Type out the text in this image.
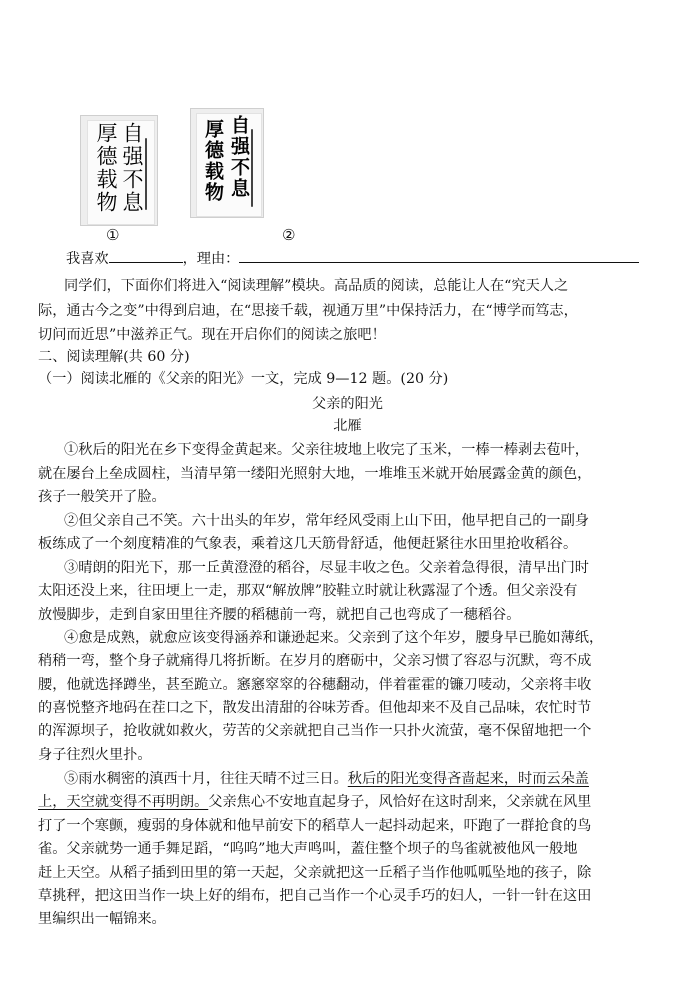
自强不息
厚德载物
①
自强不息
厚德载物
②
我喜欢	，理由：
同学们，下面你们将进入“阅读理解”模块。高品质的阅读，总能让人在“究天人之
际，通古今之变”中得到启迪，在“思接千载，视通万里”中保持活力，在“博学而笃志，
切问而近思”中滋养正气。现在开启你们的阅读之旅吧！
二、阅读理解(共 60 分)
（一）阅读北雁的《父亲的阳光》一文，完成 9—12 题。(20 分)
父亲的阳光
北雁
①秋后的阳光在乡下变得金黄起来。父亲往坡地上收完了玉米，一棒一棒剥去苞叶，
就在屡台上垒成圆柱，当清早第一缕阳光照射大地，一堆堆玉米就开始展露金黄的颜色，
孩子一般笑开了脸。
②但父亲自己不笑。六十出头的年岁，常年经风受雨上山下田，他早把自己的一副身
板练成了一个刻度精准的气象表，乘着这几天筋骨舒适，他便赶紧往水田里抢收稻谷。
③晴朗的阳光下，那一丘黄澄澄的稻谷，尽显丰收之色。父亲着急得很，清早出门时
太阳还没上来，往田埂上一走，那双“解放牌”胶鞋立时就让秋露湿了个透。但父亲没有
放慢脚步，走到自家田里往齐腰的稻穗前一弯，就把自己也弯成了一穗稻谷。
④愈是成熟，就愈应该变得涵养和谦逊起来。父亲到了这个年岁，腰身早已脆如薄纸，
稍稍一弯，整个身子就痛得几将折断。在岁月的磨砺中，父亲习惯了容忍与沉默，弯不成
腰，他就选择蹲坐，甚至跪立。窸窸窣窣的谷穗翻动，伴着霍霍的镰刀唛动，父亲将丰收
的喜悦整齐地码在茬口之下，散发出清甜的谷味芳香。但他却来不及自己品味，农忙时节
的浑源坝子，抢收就如救火，劳苦的父亲就把自己当作一只扑火流萤，毫不保留地把一个
身子往烈火里扑。
⑤雨水稠密的滇西十月，往往天晴不过三日。秋后的阳光变得吝啬起来，时而云朵盖
上，天空就变得不再明朗。父亲焦心不安地直起身子，风恰好在这时刮来，父亲就在风里
打了一个寒颤，瘦弱的身体就和他早前安下的稻草人一起抖动起来，吓跑了一群抢食的鸟
雀。父亲就势一通手舞足蹈，“呜呜”地大声鸣叫，蓋住整个坝子的鸟雀就被他风一般地
赶上天空。从稻子插到田里的第一天起，父亲就把这一丘稻子当作他呱呱坠地的孩子，除
草挑秤，把这田当作一块上好的绢布，把自己当作一个心灵手巧的妇人，一针一针在这田
里编织出一幅锦来。
